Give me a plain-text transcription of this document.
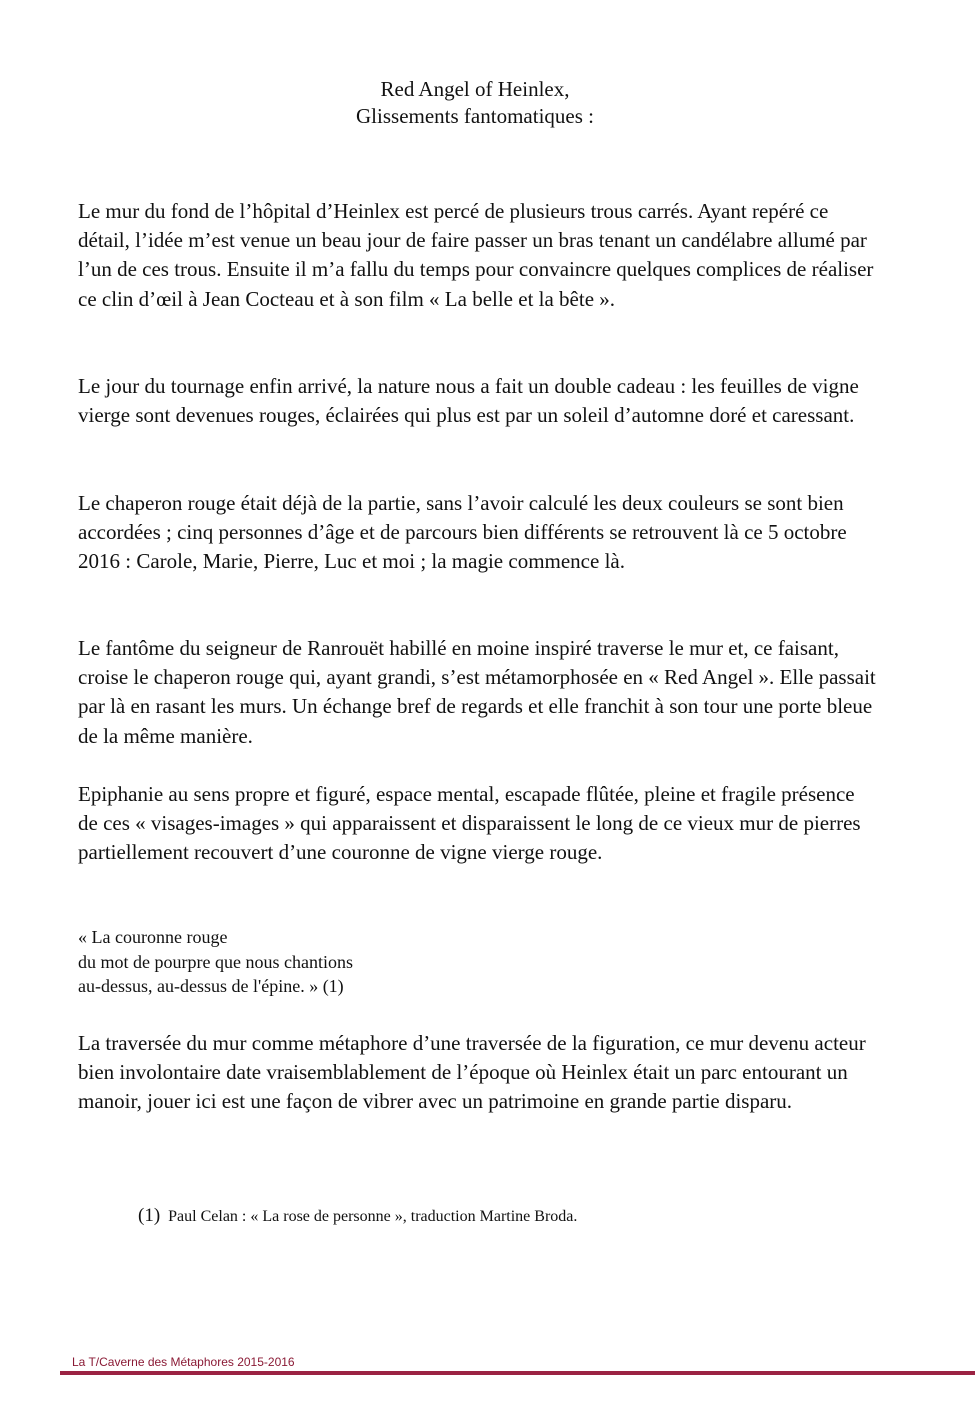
Red Angel of Heinlex,
Glissements fantomatiques :

Le mur du fond de l’hôpital d’Heinlex est percé de plusieurs trous carrés. Ayant repéré ce détail, l’idée m’est venue un beau jour de faire passer un bras tenant un candélabre allumé par l’un de ces trous. Ensuite il m’a fallu du temps pour convaincre quelques complices de réaliser ce clin d’œil à Jean Cocteau et à son film « La belle et la bête ».

Le jour du tournage enfin arrivé, la nature nous a fait un double cadeau : les feuilles de vigne vierge sont devenues rouges, éclairées qui plus est par un soleil d’automne doré et caressant.

Le chaperon rouge était déjà de la partie, sans l’avoir calculé les deux couleurs se sont bien accordées ; cinq personnes d’âge et de parcours bien différents se retrouvent là ce 5 octobre 2016 : Carole, Marie, Pierre, Luc et moi ; la magie commence là.

Le fantôme du seigneur de Ranrouët habillé en moine inspiré traverse le mur et, ce faisant, croise le chaperon rouge qui, ayant grandi, s’est métamorphosée en « Red Angel ». Elle passait par là en rasant les murs. Un échange bref de regards et elle franchit à son tour une porte bleue de la même manière.

Epiphanie au sens propre et figuré, espace mental, escapade flûtée, pleine et fragile présence de ces « visages-images » qui apparaissent et disparaissent le long de ce vieux mur de pierres partiellement recouvert d’une couronne de vigne vierge rouge.

« La couronne rouge
du mot de pourpre que nous chantions
au-dessus, au-dessus de l'épine. » (1)

La traversée du mur comme métaphore d’une traversée de la figuration, ce mur devenu acteur bien involontaire date vraisemblablement de l’époque où Heinlex était un parc entourant un manoir, jouer ici est une façon de vibrer avec un patrimoine en grande partie disparu.

(1) Paul Celan : « La rose de personne », traduction Martine Broda.
La T/Caverne des Métaphores 2015-2016
